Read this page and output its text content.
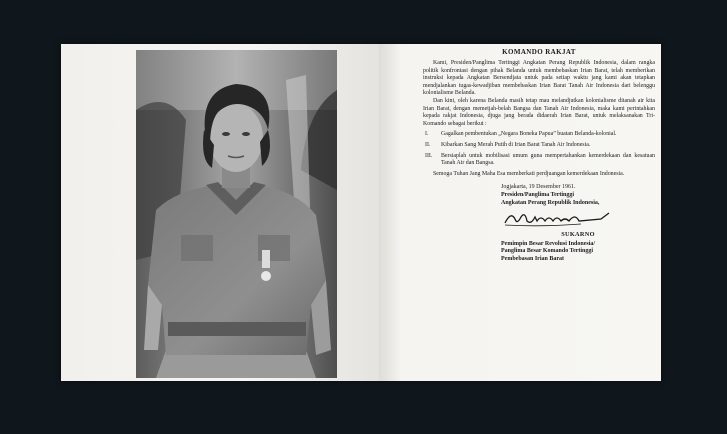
KOMANDO RAKJAT

Kami, Presiden/Panglima Tertinggi Angkatan Perang Republik Indonesia, dalam rangka politik konfrontasi dengan pihak Belanda untuk membebaskan Irian Barat, telah memberikan instruksi kepada Angkatan Bersendjata untuk pada setiap waktu jang kami akan tetapkan mendjalankan tugas-kewadjiban membebaskan Irian Barat Tanah Air Indonesia dari belenggu kolonialisme Belanda.

Dan kini, oleh karena Belanda masih tetap mau melandjutkan kolonialisme ditanah air kita Irian Barat, dengan memetjah-belah Bangsa dan Tanah Air Indonesia, maka kami perintahkan kepada rakjat Indonesia, djuga jang berada didaerah Irian Barat, untuk melaksanakan Tri-Komando sebagai berikut :

I. Gagalkan pembentukan „Negara Boneka Papua” buatan Belanda-kolonial.
II. Kibarkan Sang Merah Putih di Irian Barat Tanah Air Indonesia.
III. Bersiaplah untuk mobilisasi umum guna mempertahankan kemerdekaan dan kesatuan Tanah Air dan Bangsa.
Semoga Tuhan Jang Maha Esa memberkati perdjuangan kemerdekaan Indonesia.
Jogjakarta, 19 Desember 1961.
Presiden/Panglima Tertinggi
Angkatan Perang Republik Indonesia,
SUKARNO
Pemimpin Besar Revolusi Indonesia/
Panglima Besar Komando Tertinggi
Pembebasan Irian Barat
